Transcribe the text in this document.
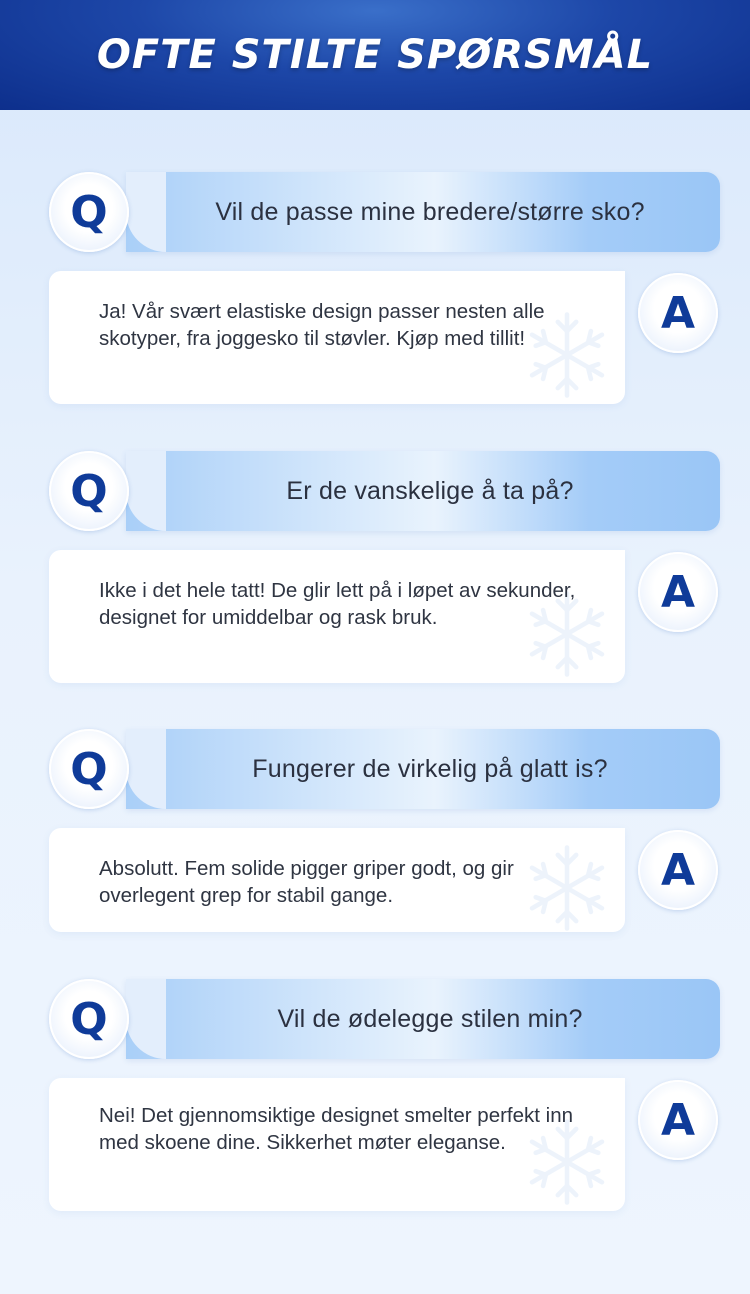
OFTE STILTE SPØRSMÅL
Vil de passe mine bredere/større sko?
Q
Ja! Vår svært elastiske design passer nesten alle skotyper, fra joggesko til støvler. Kjøp med tillit!	A
Er de vanskelige å ta på?
Q
Ikke i det hele tatt! De glir lett på i løpet av sekunder, designet for umiddelbar og rask bruk.	A
Fungerer de virkelig på glatt is?
Q
Absolutt. Fem solide pigger griper godt, og gir overlegent grep for stabil gange.	A
Vil de ødelegge stilen min?
Q
Nei! Det gjennomsiktige designet smelter perfekt inn med skoene dine. Sikkerhet møter eleganse.	A
